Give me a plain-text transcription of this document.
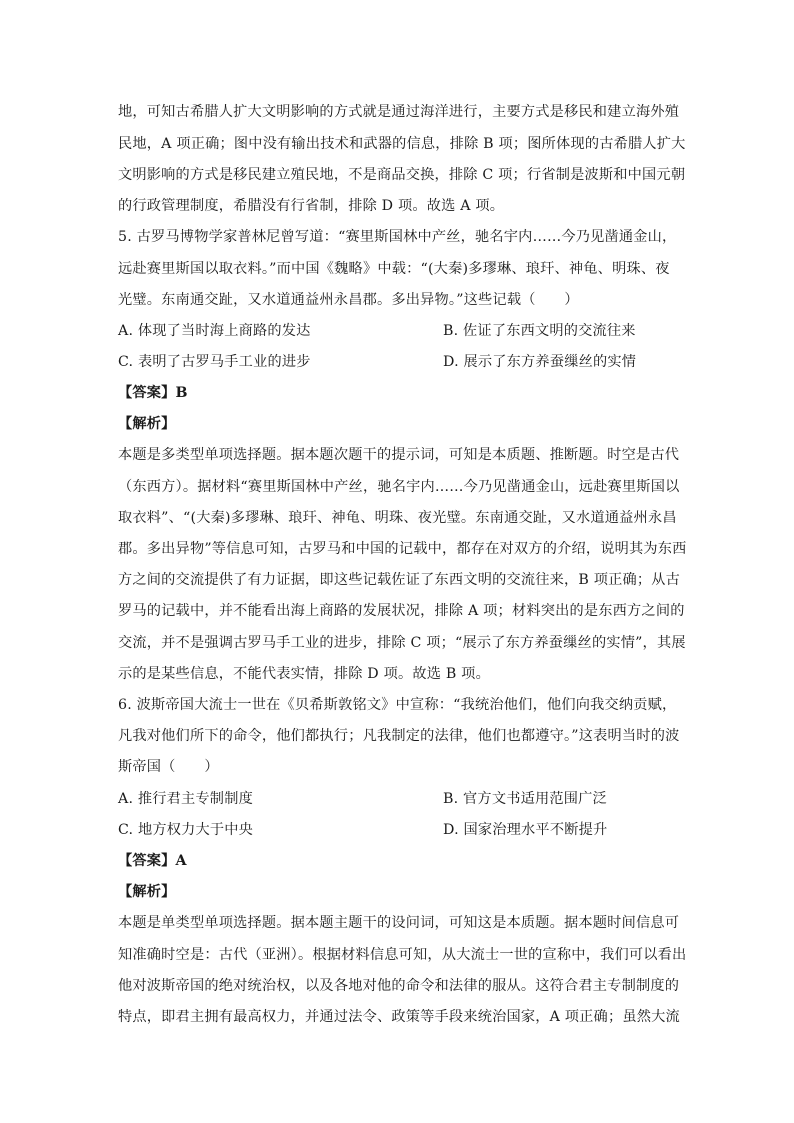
地，可知古希腊人扩大文明影响的方式就是通过海洋进行，主要方式是移民和建立海外殖
民地，A 项正确；图中没有输出技术和武器的信息，排除 B 项；图所体现的古希腊人扩大
文明影响的方式是移民建立殖民地，不是商品交换，排除 C 项；行省制是波斯和中国元朝
的行政管理制度，希腊没有行省制，排除 D 项。故选 A 项。
5. 古罗马博物学家普林尼曾写道：“赛里斯国林中产丝，驰名宇内……今乃见凿通金山，
远赴赛里斯国以取衣料。”而中国《魏略》中载：“(大秦)多璆琳、琅玕、神龟、明珠、夜
光璧。东南通交趾，又水道通益州永昌郡。多出异物。”这些记载（　　）
A. 体现了当时海上商路的发达	B. 佐证了东西文明的交流往来
C. 表明了古罗马手工业的进步	D. 展示了东方养蚕缫丝的实情
【答案】B
【解析】
本题是多类型单项选择题。据本题次题干的提示词，可知是本质题、推断题。时空是古代
（东西方）。据材料“赛里斯国林中产丝，驰名宇内……今乃见凿通金山，远赴赛里斯国以
取衣料”、“(大秦)多璆琳、琅玕、神龟、明珠、夜光璧。东南通交趾，又水道通益州永昌
郡。多出异物”等信息可知，古罗马和中国的记载中，都存在对双方的介绍，说明其为东西
方之间的交流提供了有力证据，即这些记载佐证了东西文明的交流往来，B 项正确；从古
罗马的记载中，并不能看出海上商路的发展状况，排除 A 项；材料突出的是东西方之间的
交流，并不是强调古罗马手工业的进步，排除 C 项；“展示了东方养蚕缫丝的实情”，其展
示的是某些信息，不能代表实情，排除 D 项。故选 B 项。
6. 波斯帝国大流士一世在《贝希斯敦铭文》中宣称：“我统治他们，他们向我交纳贡赋，
凡我对他们所下的命令，他们都执行；凡我制定的法律，他们也都遵守。”这表明当时的波
斯帝国（　　）
A. 推行君主专制制度	B. 官方文书适用范围广泛
C. 地方权力大于中央	D. 国家治理水平不断提升
【答案】A
【解析】
本题是单类型单项选择题。据本题主题干的设问词，可知这是本质题。据本题时间信息可
知准确时空是：古代（亚洲）。根据材料信息可知，从大流士一世的宣称中，我们可以看出
他对波斯帝国的绝对统治权，以及各地对他的命令和法律的服从。这符合君主专制制度的
特点，即君主拥有最高权力，并通过法令、政策等手段来统治国家，A 项正确；虽然大流
